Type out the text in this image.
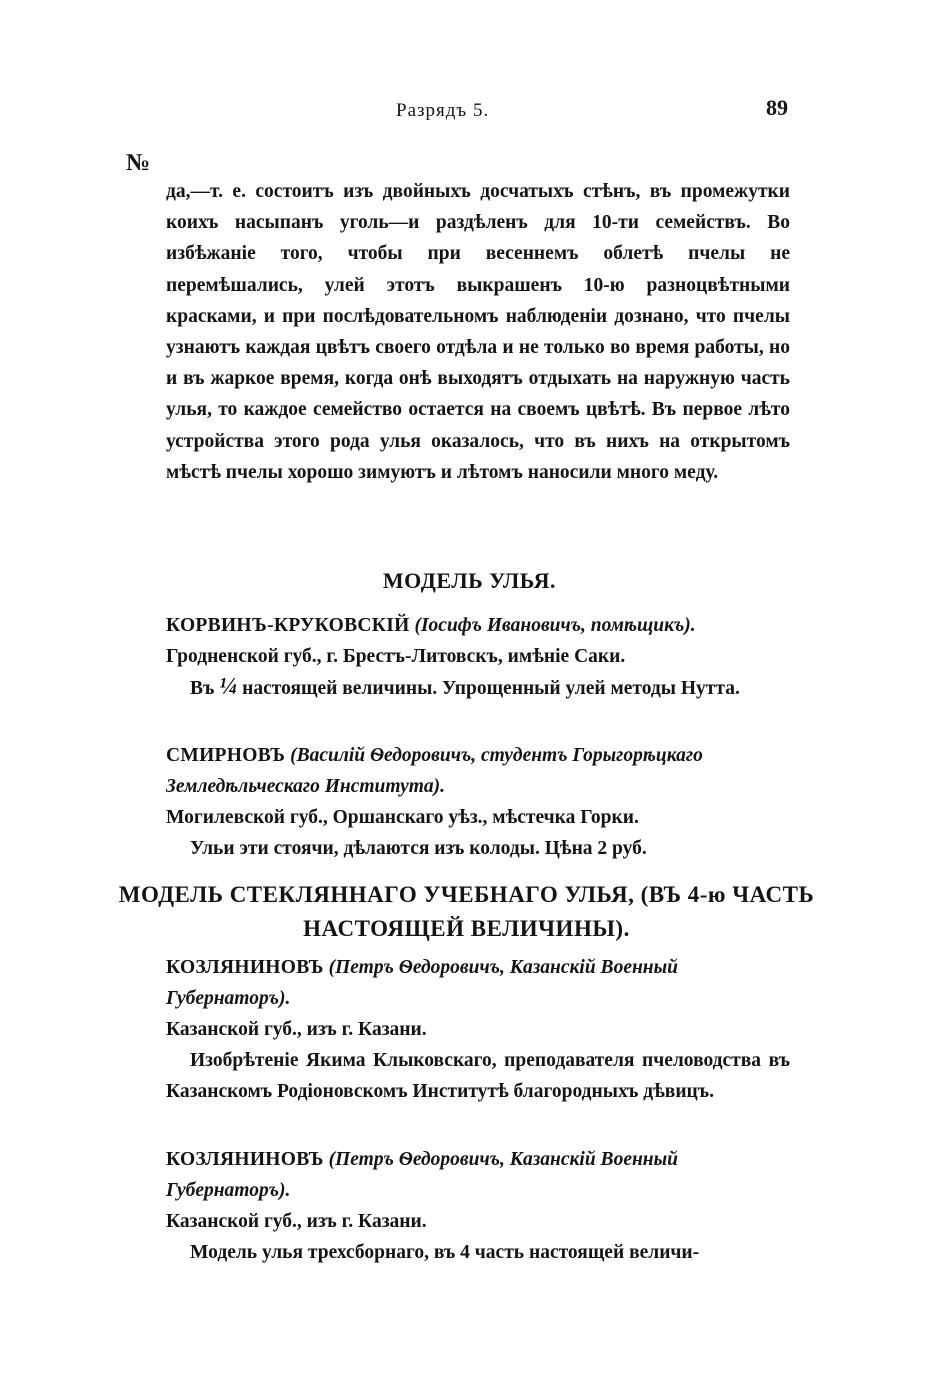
Разрядъ 5.	89
№

да,—т. е. состоитъ изъ двойныхъ досчатыхъ стѣнъ, въ промежутки коихъ насыпанъ уголь—и раздѣленъ для 10-ти семействъ. Во избѣжаніе того, чтобы при весеннемъ облетѣ пчелы не перемѣшались, улей этотъ выкрашенъ 10-ю разноцвѣтными красками, и при послѣдовательномъ наблюденіи дознано, что пчелы узнаютъ каждая цвѣтъ своего отдѣла и не только во время работы, но и въ жаркое время, когда онѣ выходятъ отдыхать на наружную часть улья, то каждое семейство остается на своемъ цвѣтѣ. Въ первое лѣто устройства этого рода улья оказалось, что въ нихъ на открытомъ мѣстѣ пчелы хорошо зимуютъ и лѣтомъ наносили много меду.

МОДЕЛЬ УЛЬЯ.

КОРВИНЪ-КРУКОВСКІЙ (Іосифъ Ивановичъ, помѣщикъ).
Гродненской губ., г. Брестъ-Литовскъ, имѣніе Саки.
Въ ¼ настоящей величины. Упрощенный улей методы Нутта.
СМИРНОВЪ (Василій Ѳедоровичъ, студентъ Горыгорѣцкаго Земледѣльческаго Института).
Могилевской губ., Оршанскаго уѣз., мѣстечка Горки.
Ульи эти стоячи, дѣлаются изъ колоды. Цѣна 2 руб.
МОДЕЛЬ СТЕКЛЯННАГО УЧЕБНАГО УЛЬЯ, (ВЪ 4-ю ЧАСТЬ
НАСТОЯЩЕЙ ВЕЛИЧИНЫ).
КОЗЛЯНИНОВЪ (Петръ Ѳедоровичъ, Казанскій Военный Губернаторъ).
Казанской губ., изъ г. Казани.
Изобрѣтеніе Якима Клыковскаго, преподавателя пчеловодства въ Казанскомъ Родіоновскомъ Институтѣ благородныхъ дѣвицъ.
КОЗЛЯНИНОВЪ (Петръ Ѳедоровичъ, Казанскій Военный Губернаторъ).
Казанской губ., изъ г. Казани.
Модель улья трехсборнаго, въ 4 часть настоящей величи-
